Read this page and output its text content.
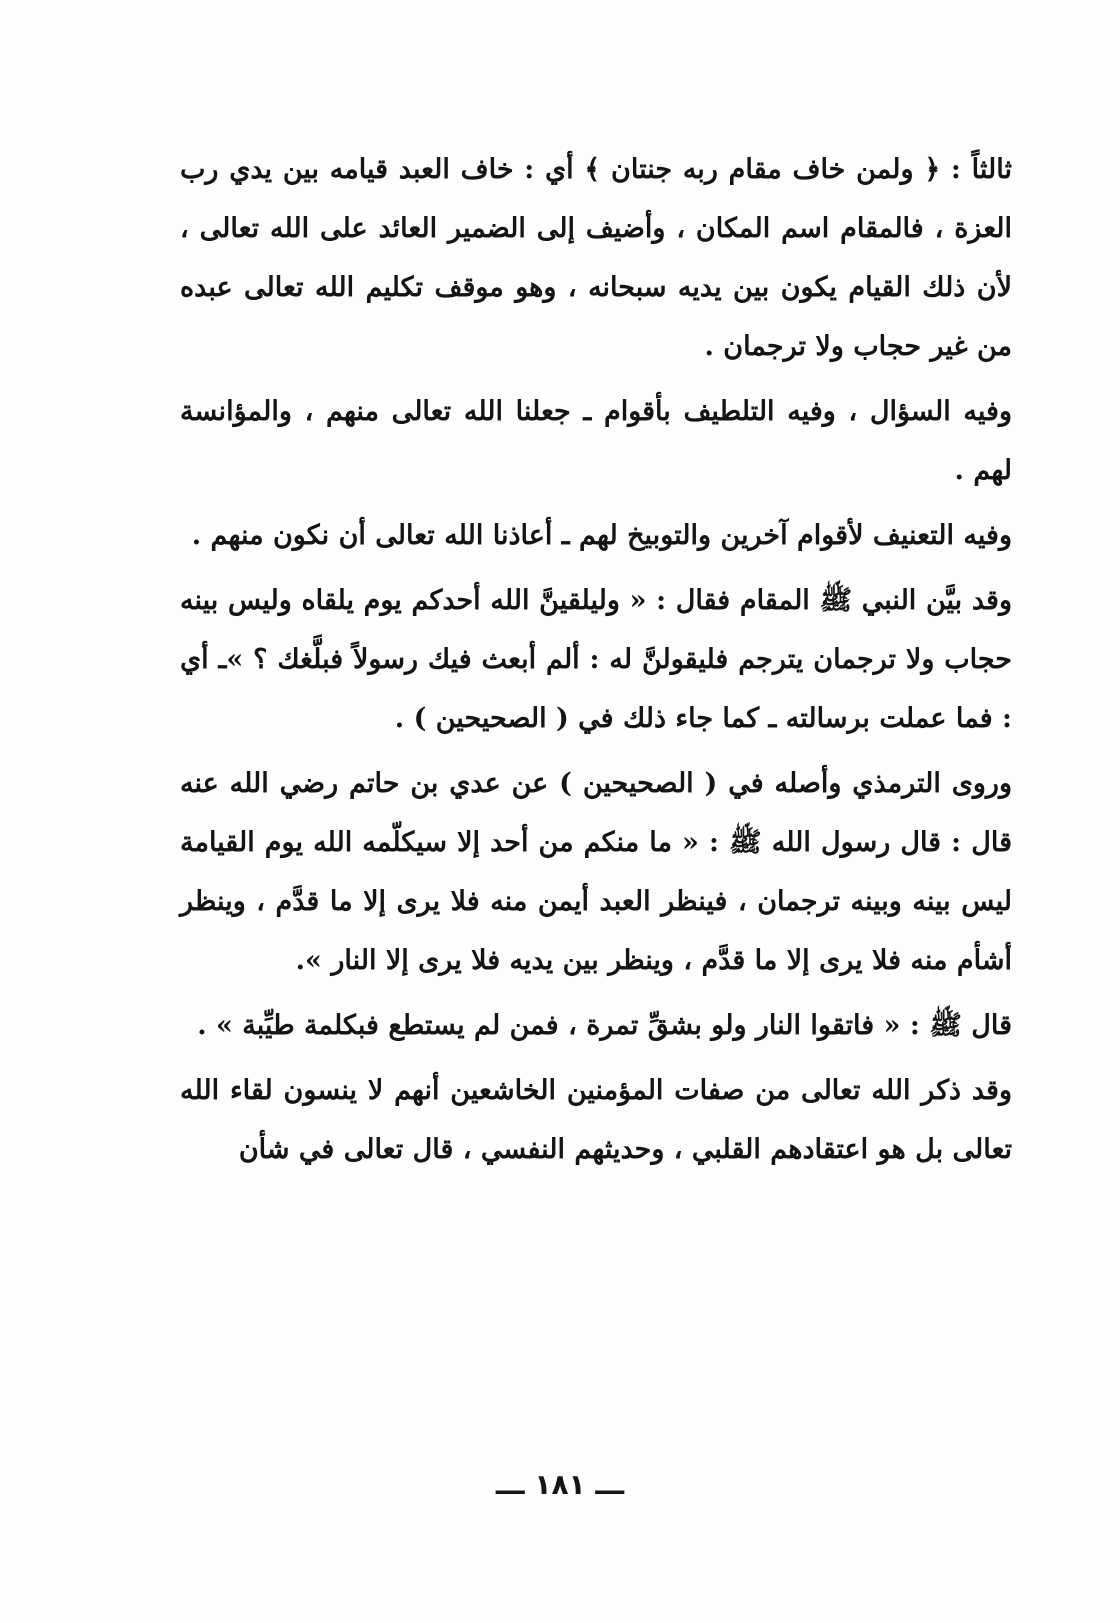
ثالثاً : ﴿ ولمن خاف مقام ربه جنتان ﴾ أي : خاف العبد قيامه بين يدي رب العزة ، فالمقام اسم المكان ، وأضيف إلى الضمير العائد على الله تعالى ، لأن ذلك القيام يكون بين يديه سبحانه ، وهو موقف تكليم الله تعالى عبده من غير حجاب ولا ترجمان .

وفيه السؤال ، وفيه التلطيف بأقوام ـ جعلنا الله تعالى منهم ، والمؤانسة لهم .

وفيه التعنيف لأقوام آخرين والتوبيخ لهم ـ أعاذنا الله تعالى أن نكون منهم .

وقد بيَّن النبي ﷺ المقام فقال : « وليلقينَّ الله أحدكم يوم يلقاه وليس بينه حجاب ولا ترجمان يترجم فليقولنَّ له : ألم أبعث فيك رسولاً فبلَّغك ؟ »ـ أي : فما عملت برسالته ـ كما جاء ذلك في ( الصحيحين ) .

وروى الترمذي وأصله في ( الصحيحين ) عن عدي بن حاتم رضي الله عنه قال : قال رسول الله ﷺ : « ما منكم من أحد إلا سيكلّمه الله يوم القيامة ليس بينه وبينه ترجمان ، فينظر العبد أيمن منه فلا يرى إلا ما قدَّم ، وينظر أشأم منه فلا يرى إلا ما قدَّم ، وينظر بين يديه فلا يرى إلا النار ».

قال ﷺ : « فاتقوا النار ولو بشقِّ تمرة ، فمن لم يستطع فبكلمة طيِّبة » .

وقد ذكر الله تعالى من صفات المؤمنين الخاشعين أنهم لا ينسون لقاء الله تعالى بل هو اعتقادهم القلبي ، وحديثهم النفسي ، قال تعالى في شأن

ـــ ١٨١ ـــ
